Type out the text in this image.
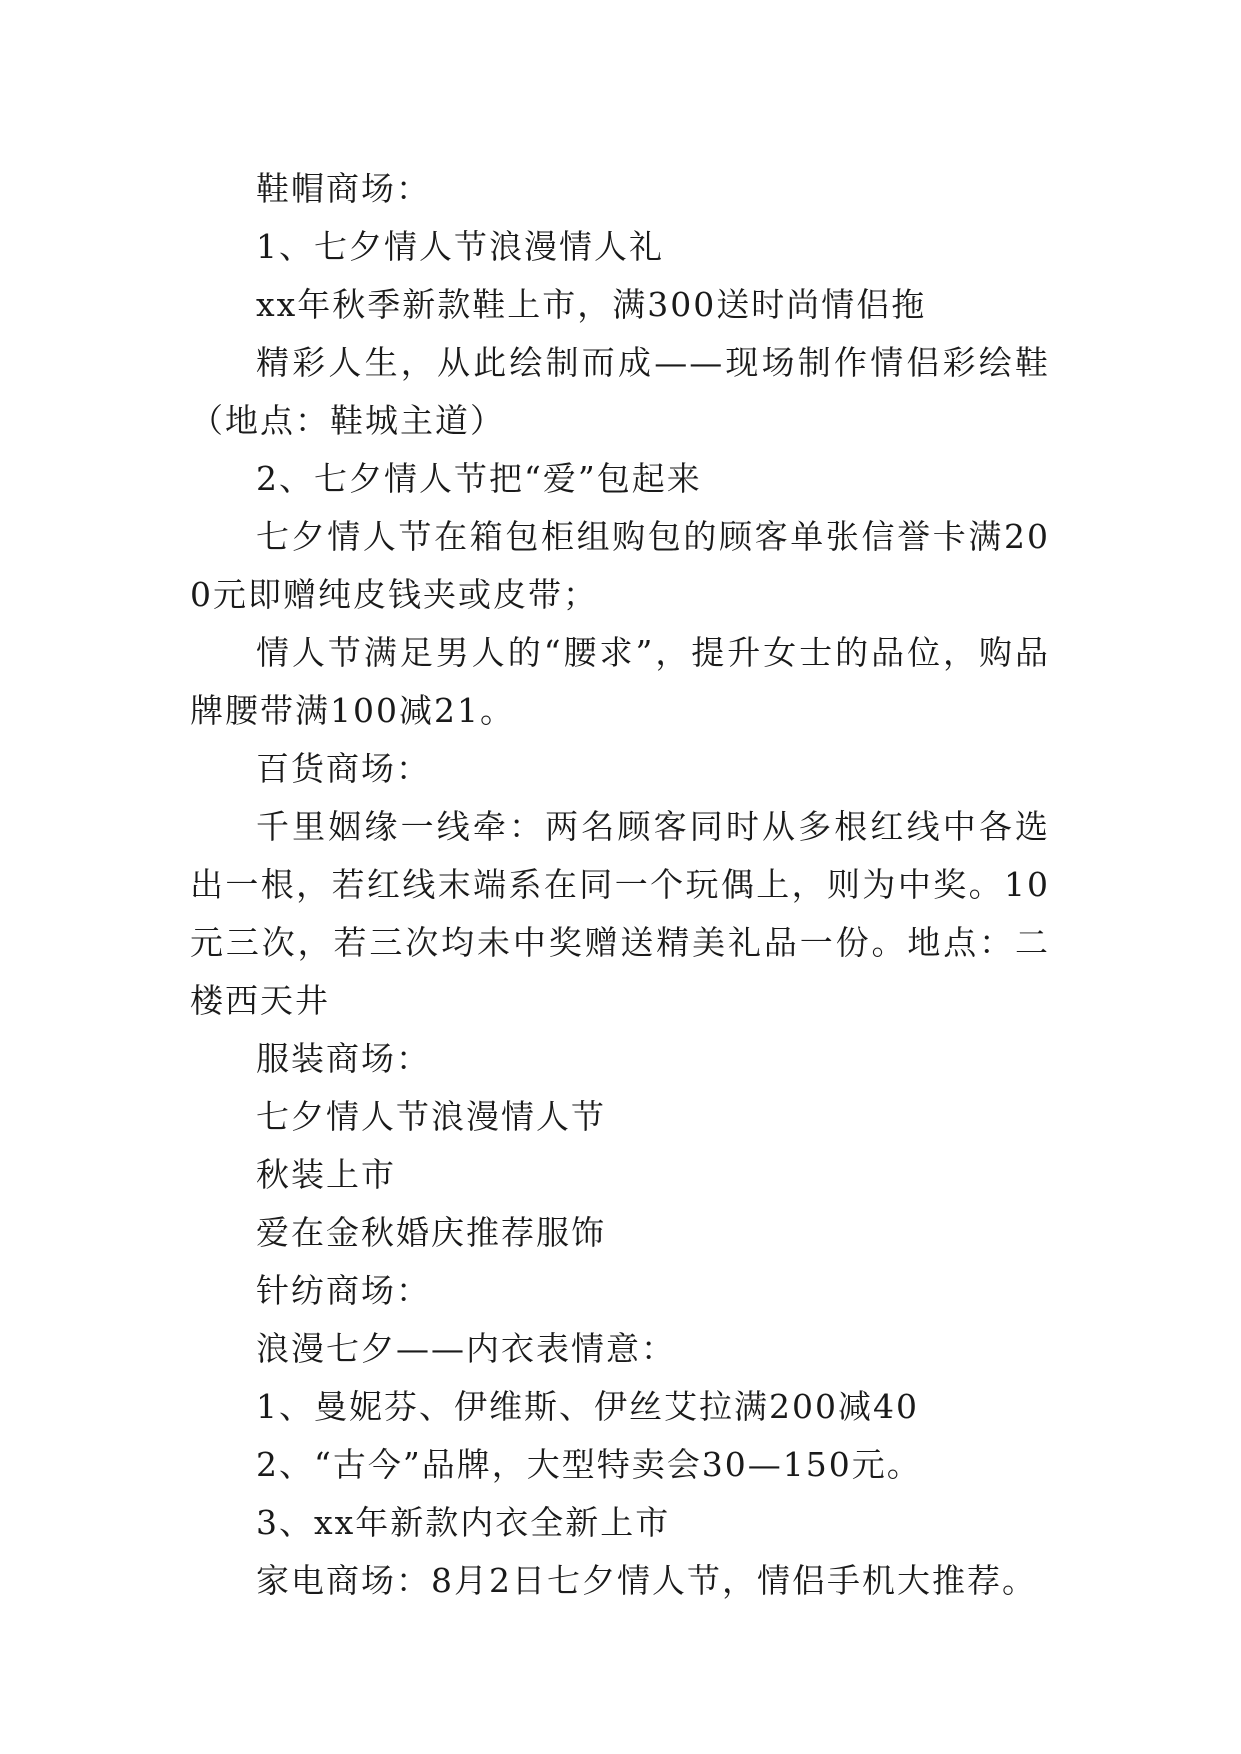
鞋帽商场：

1、七夕情人节浪漫情人礼

xx年秋季新款鞋上市，满300送时尚情侣拖

精彩人生，从此绘制而成——现场制作情侣彩绘鞋（地点：鞋城主道）

2、七夕情人节把“爱”包起来

七夕情人节在箱包柜组购包的顾客单张信誉卡满200元即赠纯皮钱夹或皮带；

情人节满足男人的“腰求”，提升女士的品位，购品牌腰带满100减21。

百货商场：

千里姻缘一线牵：两名顾客同时从多根红线中各选出一根，若红线末端系在同一个玩偶上，则为中奖。10元三次，若三次均未中奖赠送精美礼品一份。地点：二楼西天井

服装商场：

七夕情人节浪漫情人节

秋装上市

爱在金秋婚庆推荐服饰

针纺商场：

浪漫七夕——内衣表情意：

1、曼妮芬、伊维斯、伊丝艾拉满200减40

2、“古今”品牌，大型特卖会30—150元。

3、xx年新款内衣全新上市

家电商场：8月2日七夕情人节，情侣手机大推荐。
